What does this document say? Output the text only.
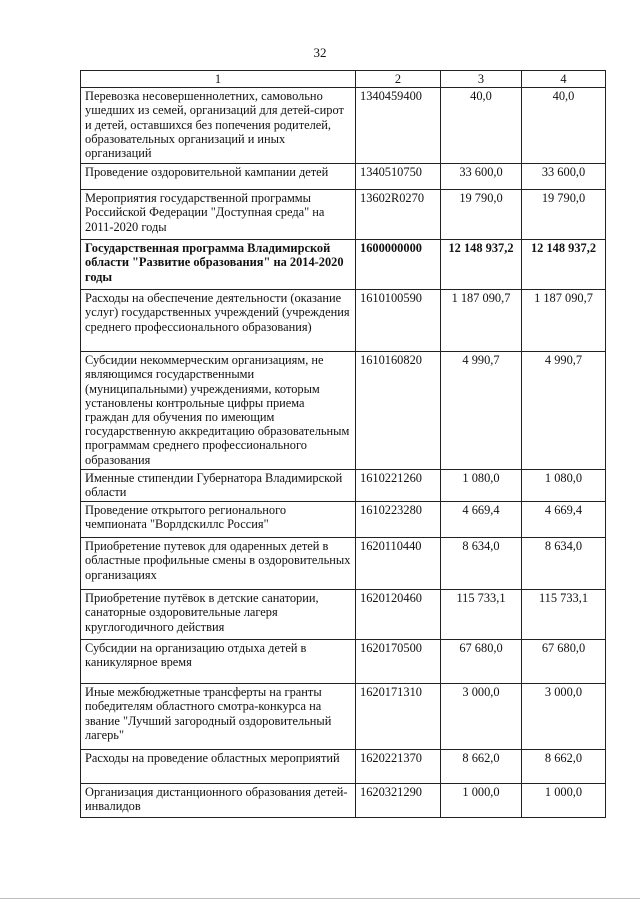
32
1	2	3	4
Перевозка несовершеннолетних, самовольно ушедших из семей, организаций для детей-сирот и детей, оставшихся без попечения родителей, образовательных организаций и иных организаций	1340459400	40,0	40,0
Проведение оздоровительной кампании детей	1340510750	33 600,0	33 600,0
Мероприятия государственной программы Российской Федерации "Доступная среда" на 2011-2020 годы	13602R0270	19 790,0	19 790,0
Государственная программа Владимирской области "Развитие образования" на 2014-2020 годы	1600000000	12 148 937,2	12 148 937,2
Расходы на обеспечение деятельности (оказание услуг) государственных учреждений (учреждения среднего профессионального образования)	1610100590	1 187 090,7	1 187 090,7
Субсидии некоммерческим организациям, не являющимся государственными (муниципальными) учреждениями, которым установлены контрольные цифры приема граждан для обучения по имеющим государственную аккредитацию образовательным программам среднего профессионального образования	1610160820	4 990,7	4 990,7
Именные стипендии Губернатора Владимирской области	1610221260	1 080,0	1 080,0
Проведение открытого регионального чемпионата "Ворлдскиллс Россия"	1610223280	4 669,4	4 669,4
Приобретение путевок для одаренных детей в областные профильные смены в оздоровительных организациях	1620110440	8 634,0	8 634,0
Приобретение путёвок в детские санатории, санаторные оздоровительные лагеря круглогодичного действия	1620120460	115 733,1	115 733,1
Субсидии на организацию отдыха детей в каникулярное время	1620170500	67 680,0	67 680,0
Иные межбюджетные трансферты на гранты победителям областного смотра-конкурса на звание "Лучший загородный оздоровительный лагерь"	1620171310	3 000,0	3 000,0
Расходы на проведение областных мероприятий	1620221370	8 662,0	8 662,0
Организация дистанционного образования детей-инвалидов	1620321290	1 000,0	1 000,0
